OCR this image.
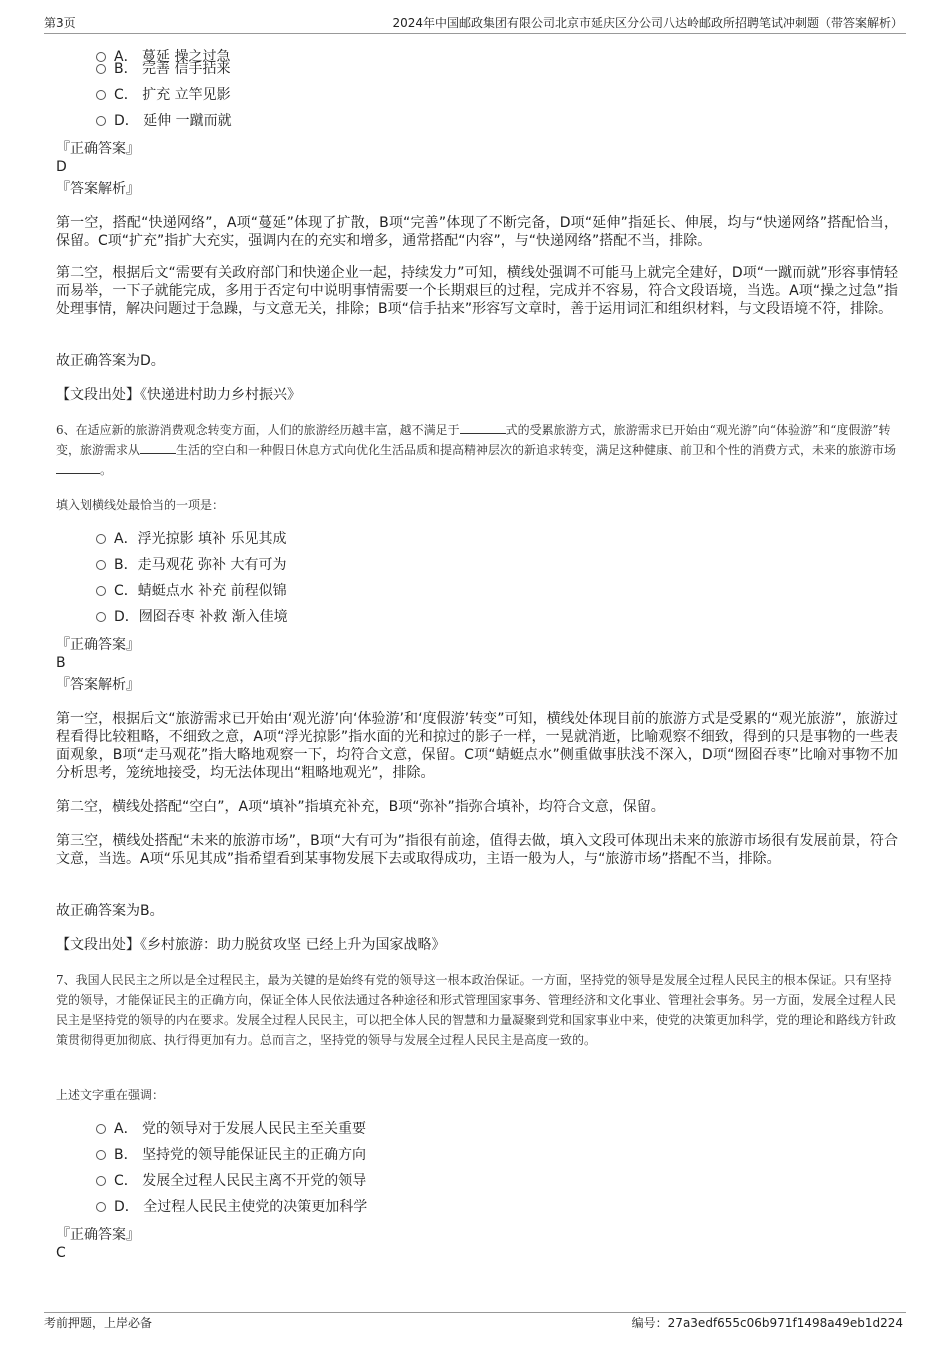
第3页	2024年中国邮政集团有限公司北京市延庆区分公司八达岭邮政所招聘笔试冲刺题（带答案解析）
A． 蔓延 操之过急
B． 完善 信手拈来
C． 扩充 立竿见影
D． 延伸 一蹴而就
『正确答案』
D
『答案解析』
第一空，搭配“快递网络”，A项“蔓延”体现了扩散，B项“完善”体现了不断完备，D项“延伸”指延长、伸展，均与“快递网络”搭配恰当，保留。C项“扩充”指扩大充实，强调内在的充实和增多，通常搭配“内容”，与“快递网络”搭配不当，排除。
第二空，根据后文“需要有关政府部门和快递企业一起，持续发力”可知，横线处强调不可能马上就完全建好，D项“一蹴而就”形容事情轻而易举，一下子就能完成，多用于否定句中说明事情需要一个长期艰巨的过程，完成并不容易，符合文段语境，当选。A项“操之过急”指处理事情，解决问题过于急躁，与文意无关，排除；B项“信手拈来”形容写文章时，善于运用词汇和组织材料，与文段语境不符，排除。
故正确答案为D。
【文段出处】《快递进村助力乡村振兴》
6、在适应新的旅游消费观念转变方面，人们的旅游经历越丰富，越不满足于	式的受累旅游方式，旅游需求已开始由“观光游”向“体验游”和“度假游”转变，旅游需求从	生活的空白和一种假日休息方式向优化生活品质和提高精神层次的新追求转变，满足这种健康、前卫和个性的消费方式，未来的旅游市场。
填入划横线处最恰当的一项是：
A．浮光掠影 填补 乐见其成
B．走马观花 弥补 大有可为
C．蜻蜓点水 补充 前程似锦
D．囫囵吞枣 补救 渐入佳境
『正确答案』
B
『答案解析』
第一空，根据后文“旅游需求已开始由‘观光游’向‘体验游’和‘度假游’转变”可知，横线处体现目前的旅游方式是受累的“观光旅游”，旅游过程看得比较粗略，不细致之意，A项“浮光掠影”指水面的光和掠过的影子一样，一晃就消逝，比喻观察不细致，得到的只是事物的一些表面观象，B项“走马观花”指大略地观察一下，均符合文意，保留。C项“蜻蜓点水”侧重做事肤浅不深入，D项“囫囵吞枣”比喻对事物不加分析思考，笼统地接受，均无法体现出“粗略地观光”，排除。
第二空，横线处搭配“空白”，A项“填补”指填充补充，B项“弥补”指弥合填补，均符合文意，保留。
第三空，横线处搭配“未来的旅游市场”，B项“大有可为”指很有前途，值得去做，填入文段可体现出未来的旅游市场很有发展前景，符合文意，当选。A项“乐见其成”指希望看到某事物发展下去或取得成功，主语一般为人，与“旅游市场”搭配不当，排除。
故正确答案为B。
【文段出处】《乡村旅游：助力脱贫攻坚 已经上升为国家战略》
7、我国人民民主之所以是全过程民主，最为关键的是始终有党的领导这一根本政治保证。一方面，坚持党的领导是发展全过程人民民主的根本保证。只有坚持党的领导，才能保证民主的正确方向，保证全体人民依法通过各种途径和形式管理国家事务、管理经济和文化事业、管理社会事务。另一方面，发展全过程人民民主是坚持党的领导的内在要求。发展全过程人民民主，可以把全体人民的智慧和力量凝聚到党和国家事业中来，使党的决策更加科学，党的理论和路线方针政策贯彻得更加彻底、执行得更加有力。总而言之，坚持党的领导与发展全过程人民民主是高度一致的。
上述文字重在强调：
A． 党的领导对于发展人民民主至关重要
B． 坚持党的领导能保证民主的正确方向
C． 发展全过程人民民主离不开党的领导
D． 全过程人民民主使党的决策更加科学
『正确答案』
C
考前押题，上岸必备	编号：27a3edf655c06b971f1498a49eb1d224
